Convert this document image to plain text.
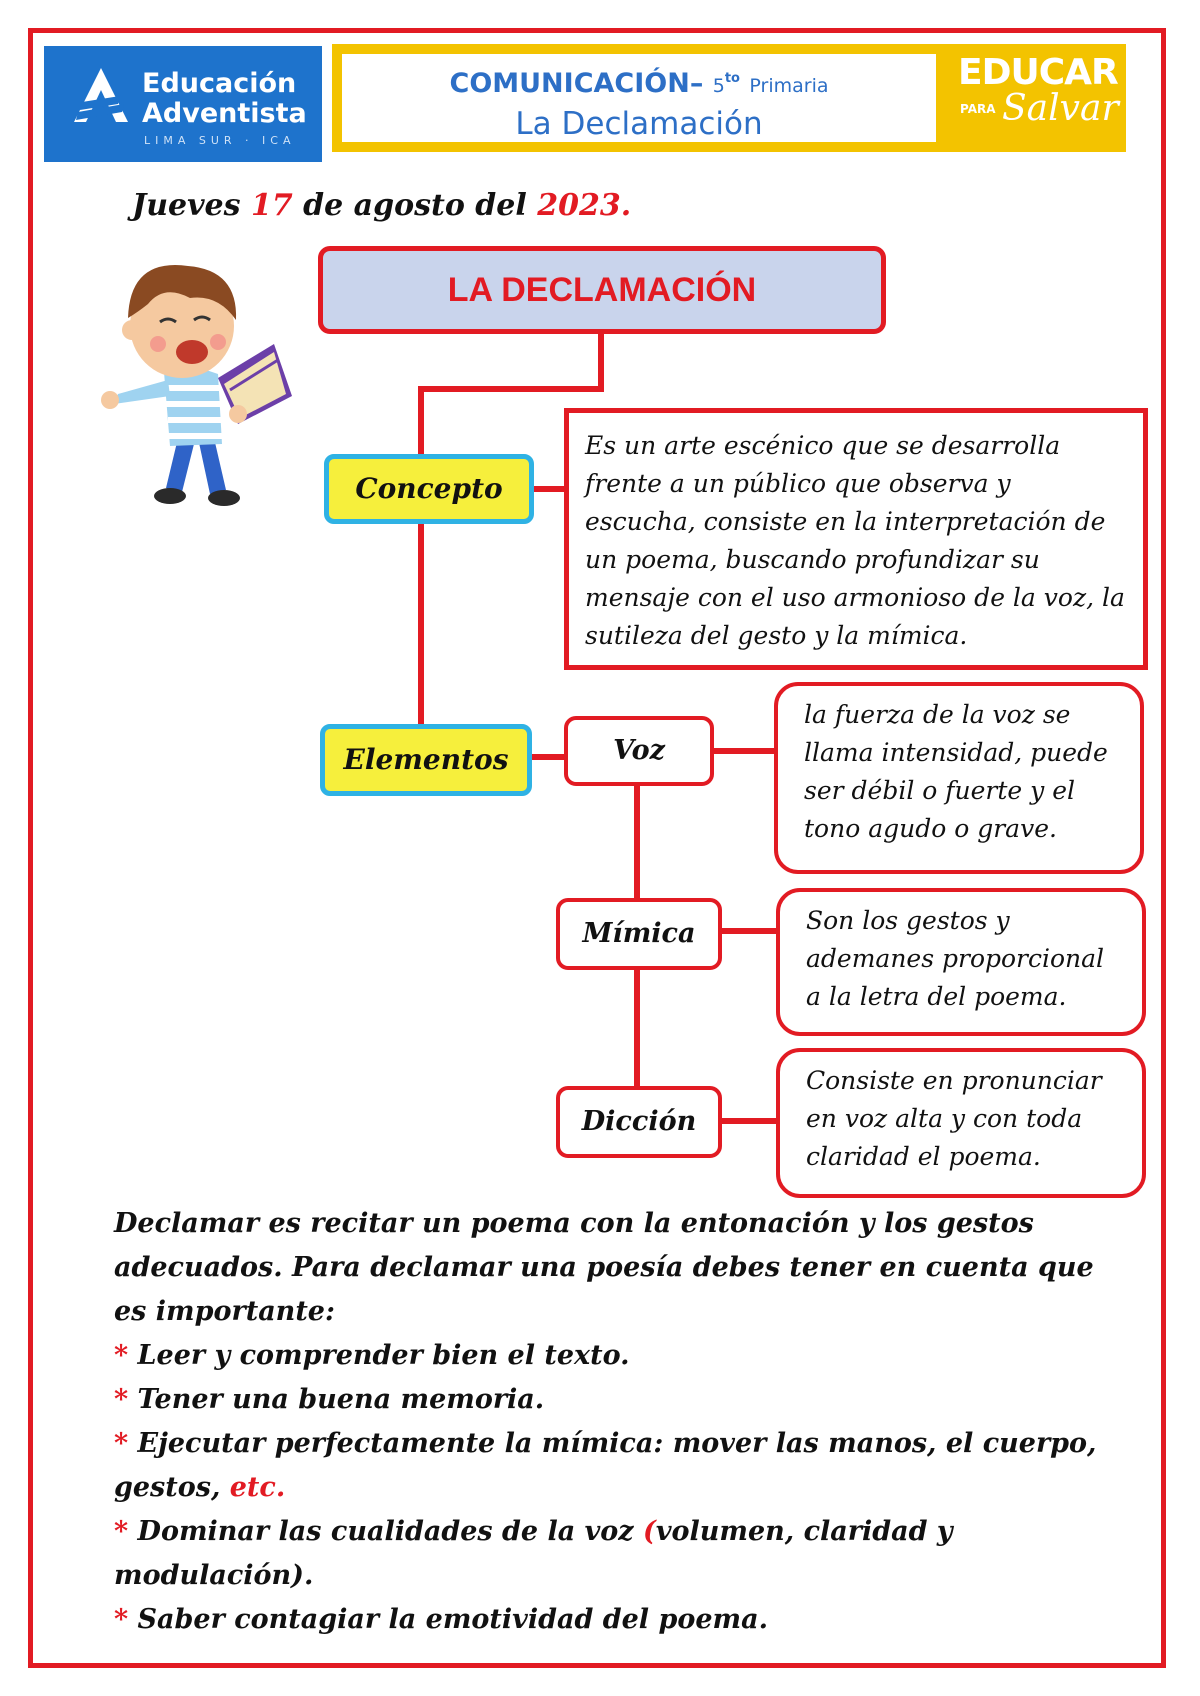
Educación
Adventista
LIMA SUR · ICA
COMUNICACIÓN– $5^{to}$ Primaria
La Declamación
EDUCAR
PARA Salvar
Jueves 17 de agosto del 2023.
LA DECLAMACIÓN
Concepto
Es un arte escénico que se desarrolla frente a un público que observa y escucha, consiste en la interpretación de un poema, buscando profundizar su mensaje con el uso armonioso de la voz, la sutileza del gesto y la mímica.
Elementos	Voz
la fuerza de la voz se llama intensidad, puede ser débil o fuerte y el tono agudo o grave.
Mímica	Son los gestos y ademanes proporcional a la letra del poema.
Dicción
Consiste en pronunciar en voz alta y con toda claridad el poema.

Declamar es recitar un poema con la entonación y los gestos adecuados. Para declamar una poesía debes tener en cuenta que es importante:

* Leer y comprender bien el texto.

* Tener una buena memoria.

* Ejecutar perfectamente la mímica: mover las manos, el cuerpo, gestos, etc.

* Dominar las cualidades de la voz (volumen, claridad y modulación).

* Saber contagiar la emotividad del poema.
